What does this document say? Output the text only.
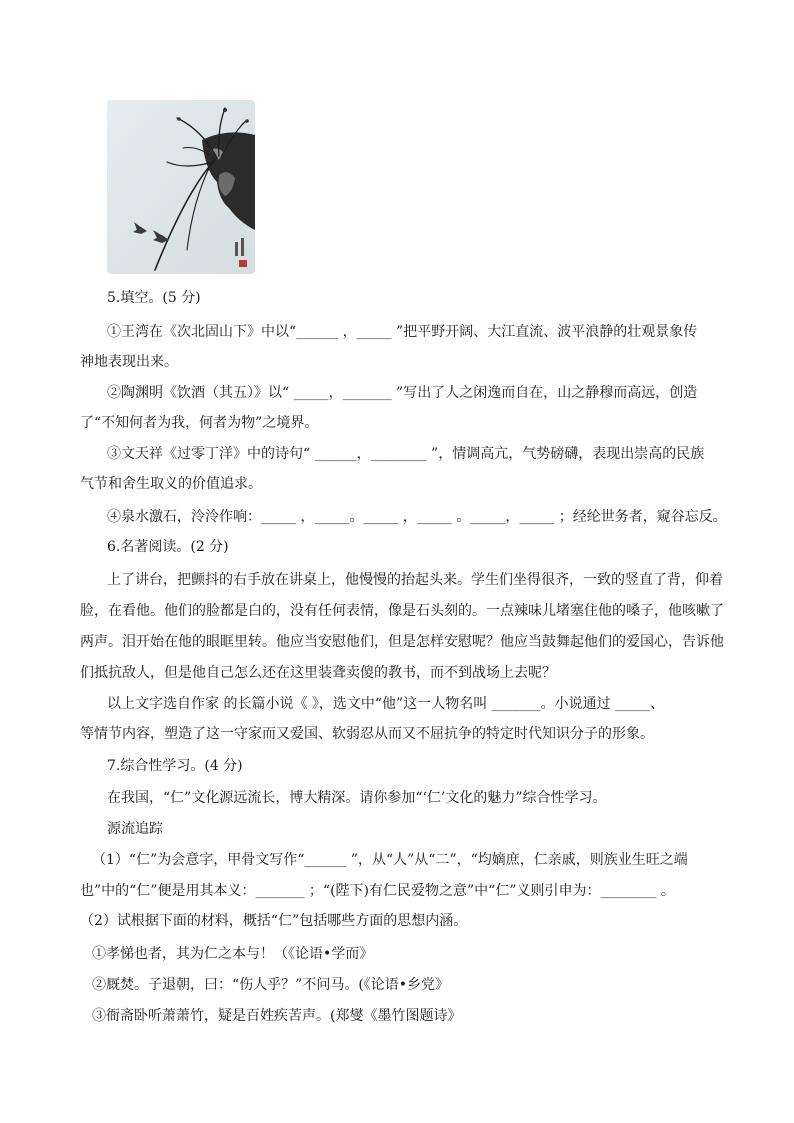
5.填空。(5 分)
①王湾在《次北固山下》中以“______ ，_____ ”把平野开阔、大江直流、波平浪静的壮观景象传
神地表现出来。
②陶渊明《饮酒（其五）》以“ _____，_______ ”写出了人之闲逸而自在，山之静穆而高远，创造
了“不知何者为我，何者为物”之境界。
③文天祥《过零丁洋》中的诗句“ ______，________ ”，情调高亢，气势磅礴，表现出崇高的民族
气节和舍生取义的价值追求。
④泉水激石，泠泠作响：_____ ，_____。_____ ，_____ 。_____，_____ ；经纶世务者，窥谷忘反。
6.名著阅读。(2 分)
上了讲台，把颤抖的右手放在讲桌上，他慢慢的抬起头来。学生们坐得很齐，一致的竖直了背，仰着
脸，在看他。他们的脸都是白的，没有任何表情，像是石头刻的。一点辣味儿堵塞住他的嗓子，他咳嗽了
两声。泪开始在他的眼眶里转。他应当安慰他们，但是怎样安慰呢？他应当鼓舞起他们的爱国心，告诉他
们抵抗敌人，但是他自己怎么还在这里装聋卖傻的教书，而不到战场上去呢？
以上文字选自作家 的长篇小说《 》，选文中“他”这一人物名叫 _______。小说通过 _____、
等情节内容，塑造了这一守家而又爱国、软弱忍从而又不屈抗争的特定时代知识分子的形象。
7.综合性学习。(4 分)
在我国，“仁”文化源远流长，博大精深。请你参加“‘仁’文化的魅力”综合性学习。
源流追踪
（1）“仁”为会意字，甲骨文写作“______ ”，从“人”从“二”，“均嫡庶，仁亲戚，则族业生旺之端
也”中的“仁”便是用其本义：_______ ；“(陛下)有仁民爱物之意”中“仁”义则引申为：________ 。
（2）试根据下面的材料，概括“仁”包括哪些方面的思想内涵。
①孝悌也者，其为仁之本与！（《论语•学而》
②厩焚。子退朝，曰：“伤人乎？”不问马。(《论语•乡党》
③衙斋卧听萧萧竹，疑是百姓疾苦声。(郑燮《墨竹图题诗》
